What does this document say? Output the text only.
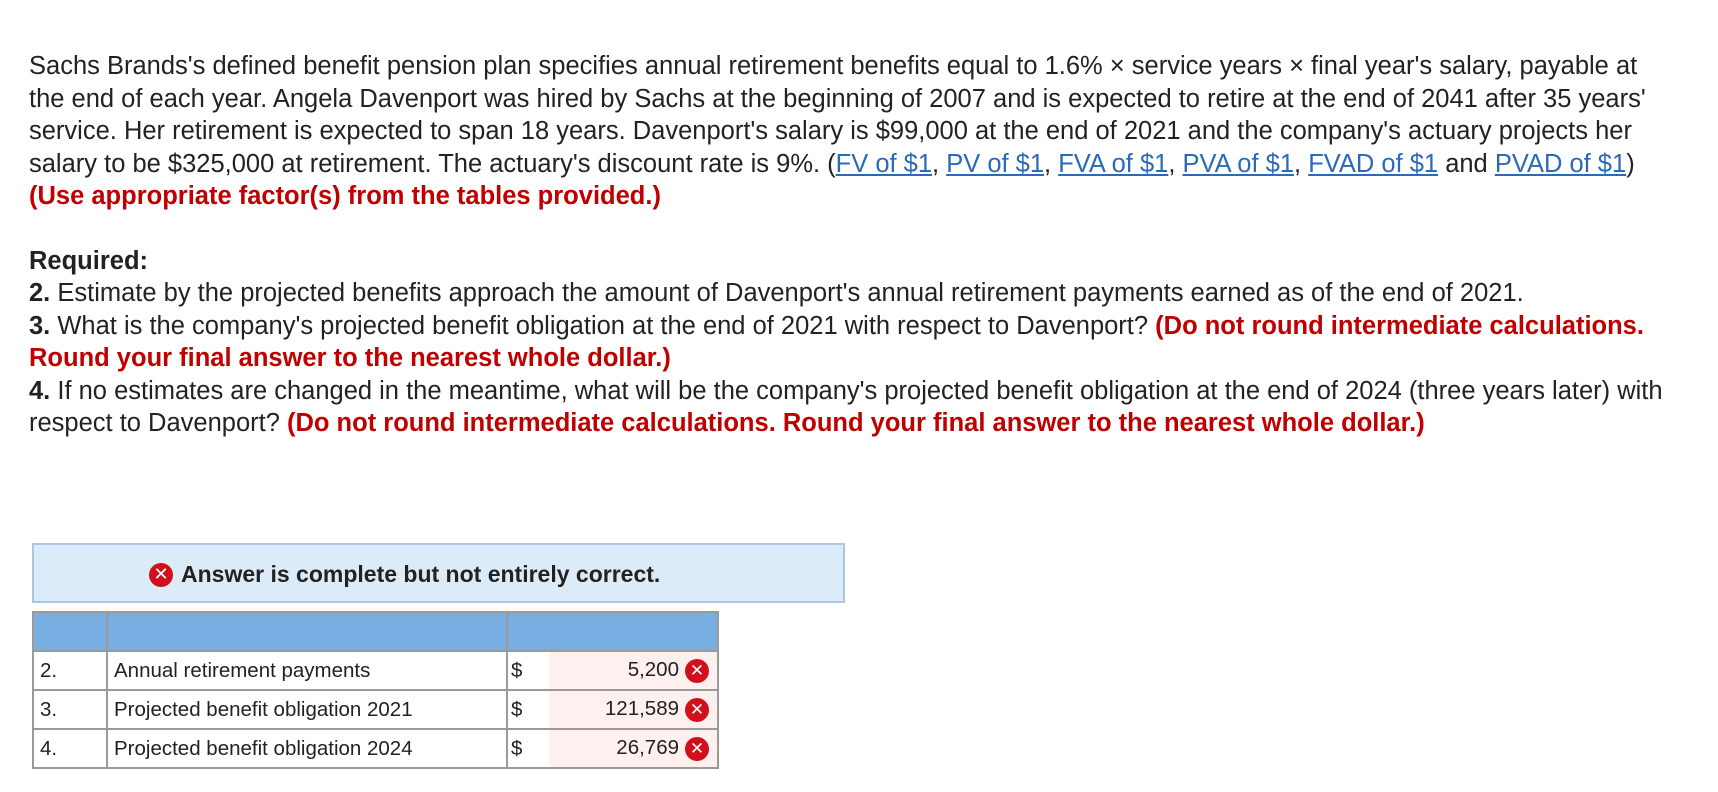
Sachs Brands's defined benefit pension plan specifies annual retirement benefits equal to 1.6% × service years × final year's salary, payable at the end of each year. Angela Davenport was hired by Sachs at the beginning of 2007 and is expected to retire at the end of 2041 after 35 years' service. Her retirement is expected to span 18 years. Davenport's salary is $99,000 at the end of 2021 and the company's actuary projects her salary to be $325,000 at retirement. The actuary's discount rate is 9%. (FV of $1, PV of $1, FVA of $1, PVA of $1, FVAD of $1 and PVAD of $1) (Use appropriate factor(s) from the tables provided.)

Required:

2. Estimate by the projected benefits approach the amount of Davenport's annual retirement payments earned as of the end of 2021.

3. What is the company's projected benefit obligation at the end of 2021 with respect to Davenport? (Do not round intermediate calculations. Round your final answer to the nearest whole dollar.)

4. If no estimates are changed in the meantime, what will be the company's projected benefit obligation at the end of 2024 (three years later) with respect to Davenport? (Do not round intermediate calculations. Round your final answer to the nearest whole dollar.)

✕ Answer is complete but not entirely correct.

2.	Annual retirement payments	$	5,200 ✕
3.	Projected benefit obligation 2021	$	121,589 ✕
4.	Projected benefit obligation 2024	$	26,769 ✕
